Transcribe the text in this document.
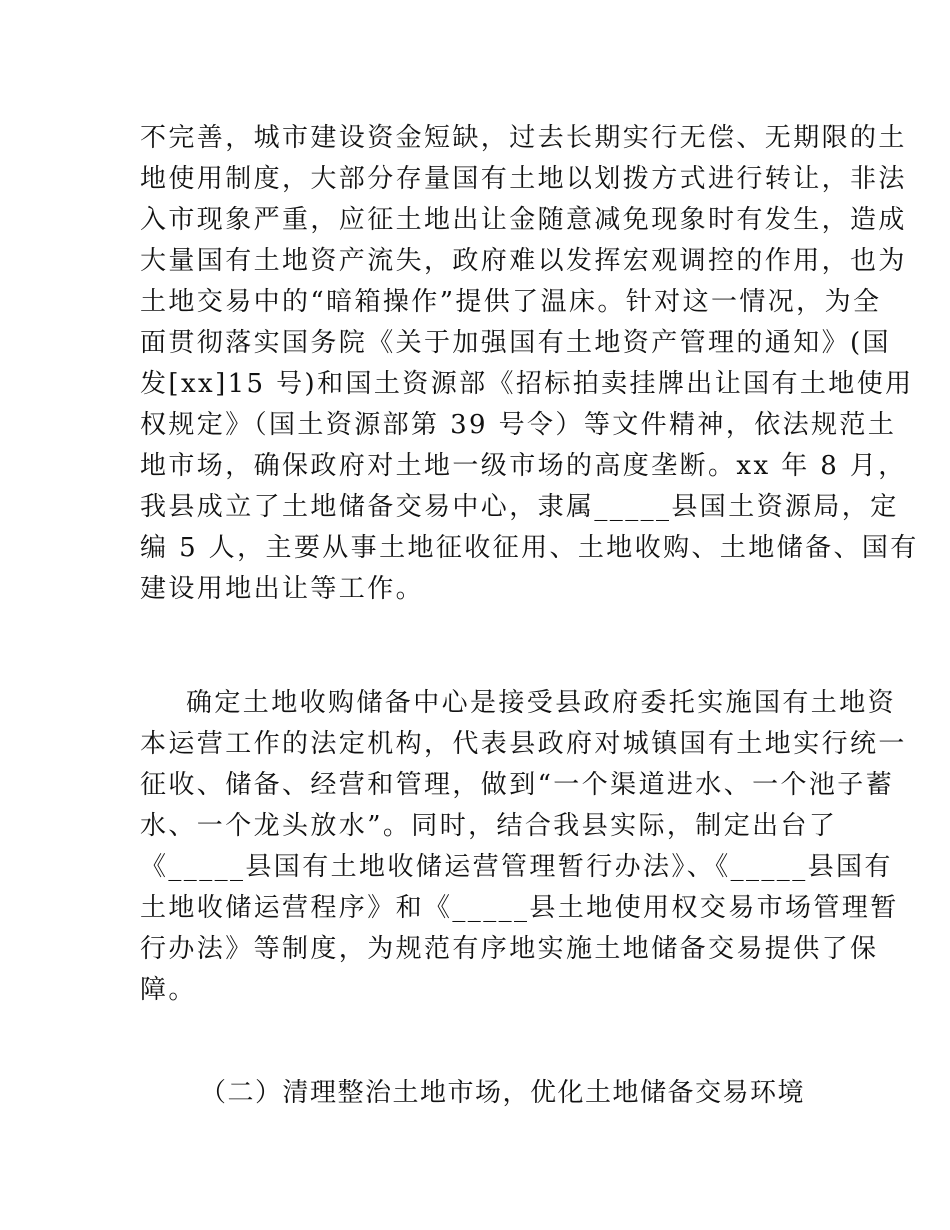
不完善，城市建设资金短缺，过去长期实行无偿、无期限的土
地使用制度，大部分存量国有土地以划拨方式进行转让，非法
入市现象严重，应征土地出让金随意减免现象时有发生，造成
大量国有土地资产流失，政府难以发挥宏观调控的作用，也为
土地交易中的“暗箱操作”提供了温床。针对这一情况，为全
面贯彻落实国务院《关于加强国有土地资产管理的通知》(国
发[xx]15 号)和国土资源部《招标拍卖挂牌出让国有土地使用
权规定》（国土资源部第 39 号令）等文件精神，依法规范土
地市场，确保政府对土地一级市场的高度垄断。xx 年 8 月，
我县成立了土地储备交易中心，隶属_____县国土资源局，定
编 5 人，主要从事土地征收征用、土地收购、土地储备、国有
建设用地出让等工作。
确定土地收购储备中心是接受县政府委托实施国有土地资
本运营工作的法定机构，代表县政府对城镇国有土地实行统一
征收、储备、经营和管理，做到“一个渠道进水、一个池子蓄
水、一个龙头放水”。同时，结合我县实际，制定出台了
《_____县国有土地收储运营管理暂行办法》、《_____县国有
土地收储运营程序》和《_____县土地使用权交易市场管理暂
行办法》等制度，为规范有序地实施土地储备交易提供了保
障。
（二）清理整治土地市场，优化土地储备交易环境
